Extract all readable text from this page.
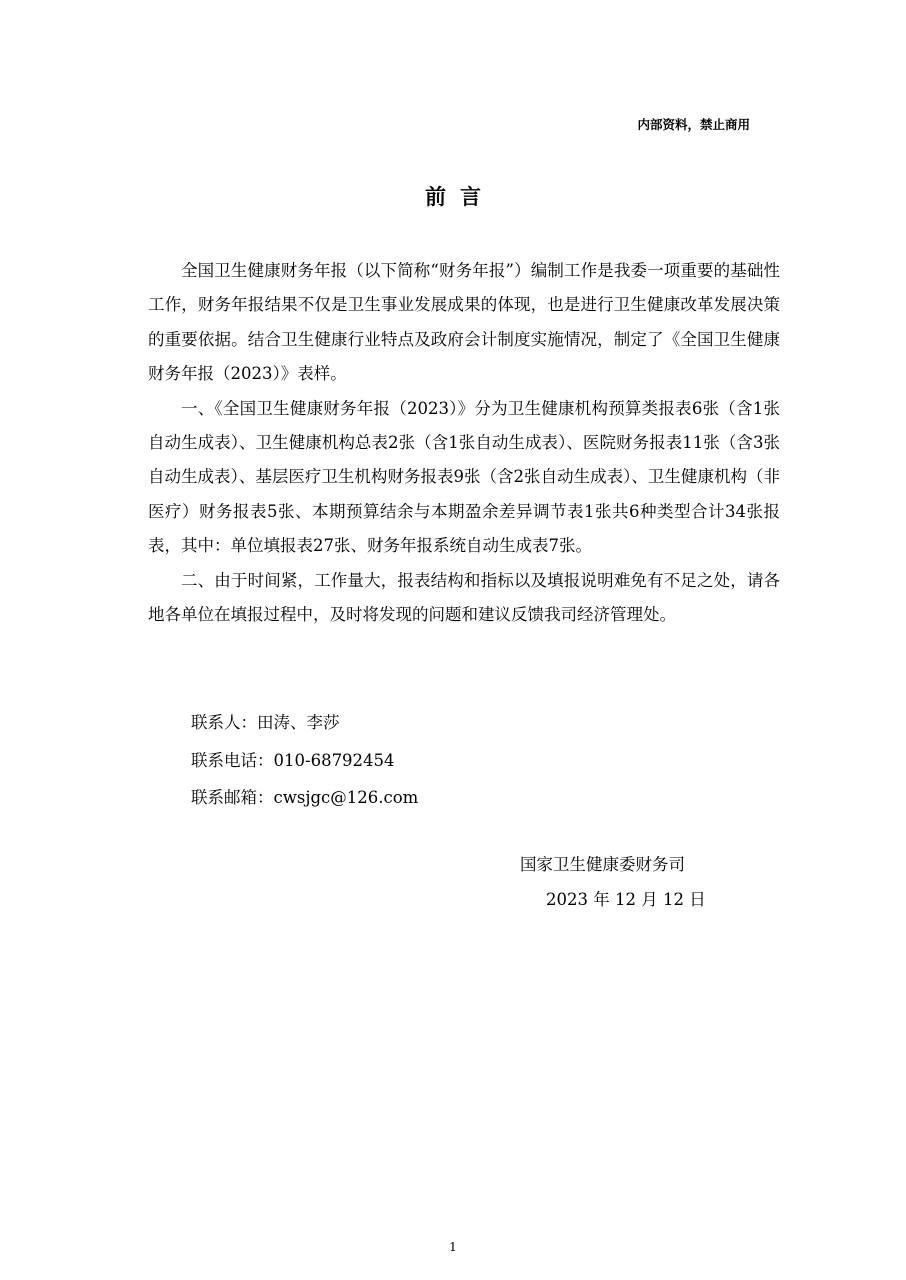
内部资料，禁止商用
前言

全国卫生健康财务年报（以下简称“财务年报”）编制工作是我委一项重要的基础性工作，财务年报结果不仅是卫生事业发展成果的体现，也是进行卫生健康改革发展决策的重要依据。结合卫生健康行业特点及政府会计制度实施情况，制定了《全国卫生健康财务年报（2023）》表样。

一、《全国卫生健康财务年报（2023）》分为卫生健康机构预算类报表6张（含1张自动生成表）、卫生健康机构总表2张（含1张自动生成表）、医院财务报表11张（含3张自动生成表）、基层医疗卫生机构财务报表9张（含2张自动生成表）、卫生健康机构（非医疗）财务报表5张、本期预算结余与本期盈余差异调节表1张共6种类型合计34张报表，其中：单位填报表27张、财务年报系统自动生成表7张。

二、由于时间紧，工作量大，报表结构和指标以及填报说明难免有不足之处，请各地各单位在填报过程中，及时将发现的问题和建议反馈我司经济管理处。

联系人：田涛、李莎
联系电话：010-68792454
联系邮箱：cwsjgc@126.com
国家卫生健康委财务司
2023 年 12 月 12 日
1
